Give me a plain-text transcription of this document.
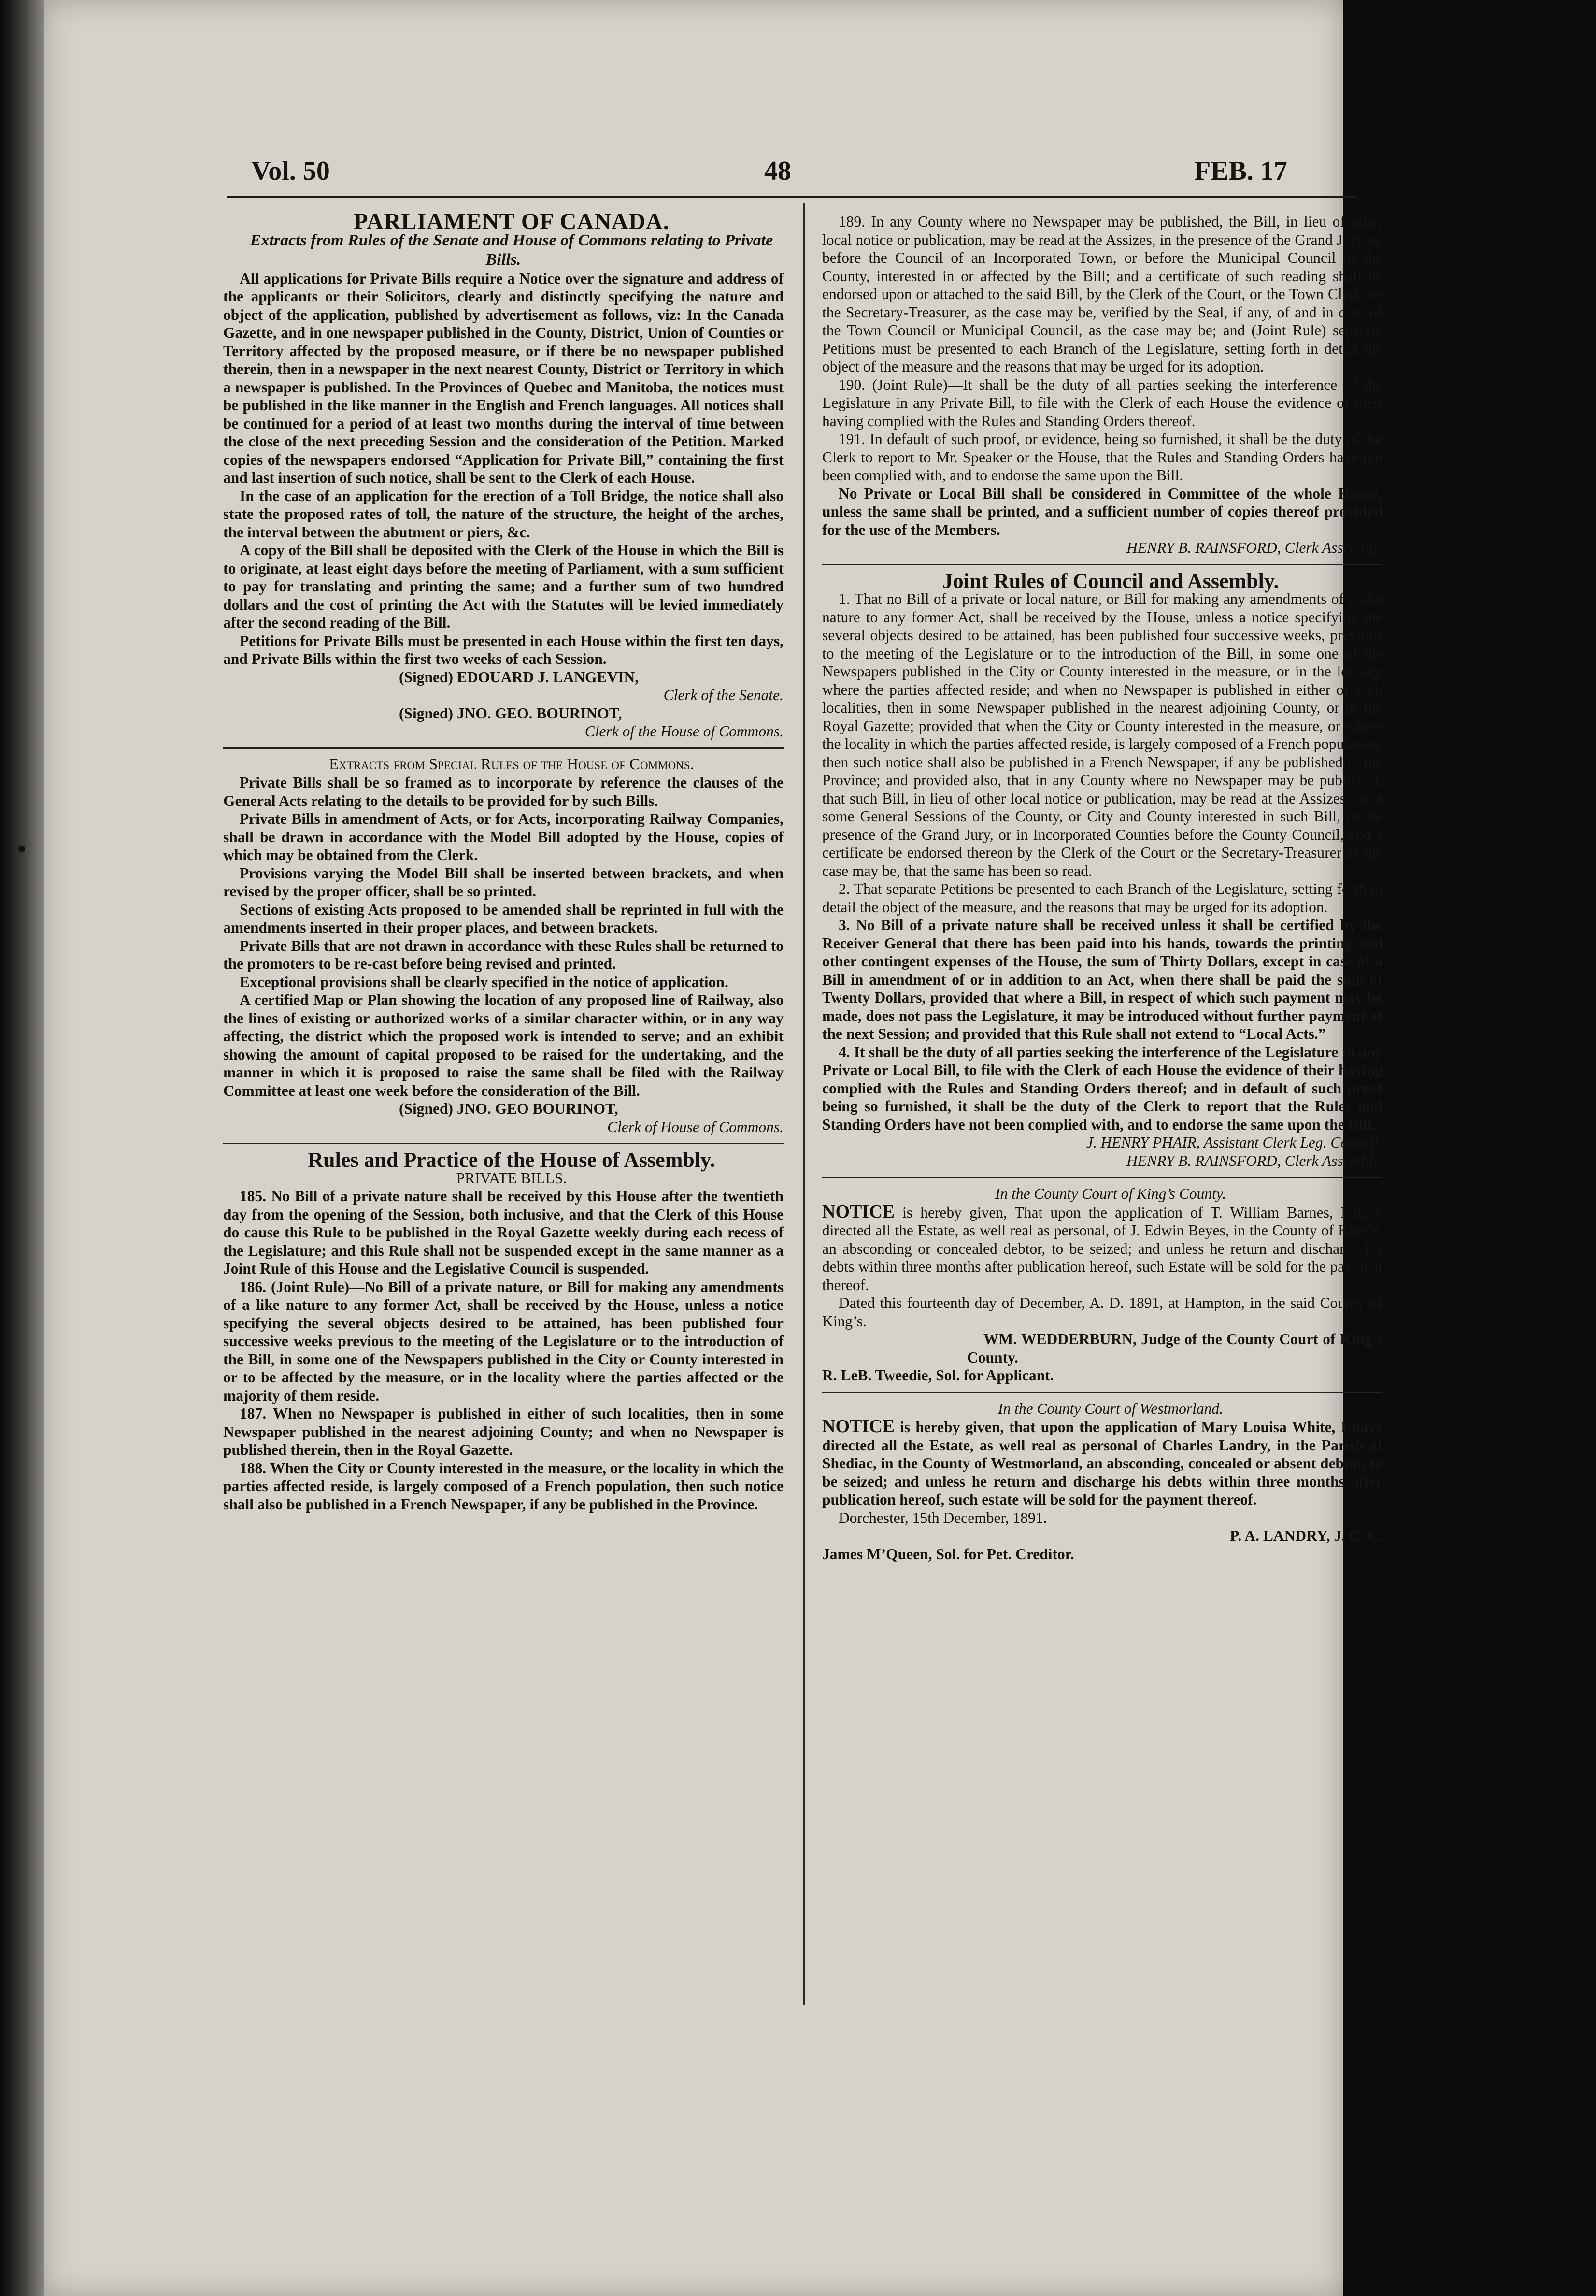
Vol. 50	48	FEB. 17

PARLIAMENT OF CANADA.

Extracts from Rules of the Senate and House of Commons relating to Private Bills.

All applications for Private Bills require a Notice over the signature and address of the applicants or their Solicitors, clearly and distinctly specifying the nature and object of the application, published by advertisement as follows, viz: In the Canada Gazette, and in one newspaper published in the County, District, Union of Counties or Territory affected by the proposed measure, or if there be no newspaper published therein, then in a newspaper in the next nearest County, District or Territory in which a newspaper is published. In the Provinces of Quebec and Manitoba, the notices must be published in the like manner in the English and French languages. All notices shall be continued for a period of at least two months during the interval of time between the close of the next preceding Session and the consideration of the Petition. Marked copies of the newspapers endorsed “Application for Private Bill,” containing the first and last insertion of such notice, shall be sent to the Clerk of each House.

In the case of an application for the erection of a Toll Bridge, the notice shall also state the proposed rates of toll, the nature of the structure, the height of the arches, the interval between the abutment or piers, &c.

A copy of the Bill shall be deposited with the Clerk of the House in which the Bill is to originate, at least eight days before the meeting of Parliament, with a sum sufficient to pay for translating and printing the same; and a further sum of two hundred dollars and the cost of printing the Act with the Statutes will be levied immediately after the second reading of the Bill.

Petitions for Private Bills must be presented in each House within the first ten days, and Private Bills within the first two weeks of each Session.

(Signed) EDOUARD J. LANGEVIN,

Clerk of the Senate.

(Signed) JNO. GEO. BOURINOT,

Clerk of the House of Commons.

Extracts from Special Rules of the House of Commons.

Private Bills shall be so framed as to incorporate by reference the clauses of the General Acts relating to the details to be provided for by such Bills.

Private Bills in amendment of Acts, or for Acts, incorporating Railway Companies, shall be drawn in accordance with the Model Bill adopted by the House, copies of which may be obtained from the Clerk.

Provisions varying the Model Bill shall be inserted between brackets, and when revised by the proper officer, shall be so printed.

Sections of existing Acts proposed to be amended shall be reprinted in full with the amendments inserted in their proper places, and between brackets.

Private Bills that are not drawn in accordance with these Rules shall be returned to the promoters to be re-cast before being revised and printed.

Exceptional provisions shall be clearly specified in the notice of application.

A certified Map or Plan showing the location of any proposed line of Railway, also the lines of existing or authorized works of a similar character within, or in any way affecting, the district which the proposed work is intended to serve; and an exhibit showing the amount of capital proposed to be raised for the undertaking, and the manner in which it is proposed to raise the same shall be filed with the Railway Committee at least one week before the consideration of the Bill.

(Signed) JNO. GEO BOURINOT,

Clerk of House of Commons.

Rules and Practice of the House of Assembly.

PRIVATE BILLS.

185. No Bill of a private nature shall be received by this House after the twentieth day from the opening of the Session, both inclusive, and that the Clerk of this House do cause this Rule to be published in the Royal Gazette weekly during each recess of the Legislature; and this Rule shall not be suspended except in the same manner as a Joint Rule of this House and the Legislative Council is suspended.

186. (Joint Rule)—No Bill of a private nature, or Bill for making any amendments of a like nature to any former Act, shall be received by the House, unless a notice specifying the several objects desired to be attained, has been published four successive weeks previous to the meeting of the Legislature or to the introduction of the Bill, in some one of the Newspapers published in the City or County interested in or to be affected by the measure, or in the locality where the parties affected or the majority of them reside.

187. When no Newspaper is published in either of such localities, then in some Newspaper published in the nearest adjoining County; and when no Newspaper is published therein, then in the Royal Gazette.

188. When the City or County interested in the measure, or the locality in which the parties affected reside, is largely composed of a French population, then such notice shall also be published in a French Newspaper, if any be published in the Province.

189. In any County where no Newspaper may be published, the Bill, in lieu of other local notice or publication, may be read at the Assizes, in the presence of the Grand Jury, or before the Council of an Incorporated Town, or before the Municipal Council of the County, interested in or affected by the Bill; and a certificate of such reading shall be endorsed upon or attached to the said Bill, by the Clerk of the Court, or the Town Clerk, or the Secretary-Treasurer, as the case may be, verified by the Seal, if any, of and in case of the Town Council or Municipal Council, as the case may be; and (Joint Rule) separate Petitions must be presented to each Branch of the Legislature, setting forth in detail the object of the measure and the reasons that may be urged for its adoption.

190. (Joint Rule)—It shall be the duty of all parties seeking the interference of the Legislature in any Private Bill, to file with the Clerk of each House the evidence of their having complied with the Rules and Standing Orders thereof.

191. In default of such proof, or evidence, being so furnished, it shall be the duty of the Clerk to report to Mr. Speaker or the House, that the Rules and Standing Orders have not been complied with, and to endorse the same upon the Bill.

No Private or Local Bill shall be considered in Committee of the whole House, unless the same shall be printed, and a sufficient number of copies thereof provided for the use of the Members.

HENRY B. RAINSFORD, Clerk Assembly.

Joint Rules of Council and Assembly.

1. That no Bill of a private or local nature, or Bill for making any amendments of a like nature to any former Act, shall be received by the House, unless a notice specifying the several objects desired to be attained, has been published four successive weeks, previous to the meeting of the Legislature or to the introduction of the Bill, in some one of the Newspapers published in the City or County interested in the measure, or in the locality where the parties affected reside; and when no Newspaper is published in either of such localities, then in some Newspaper published in the nearest adjoining County, or in the Royal Gazette; provided that when the City or County interested in the measure, or where the locality in which the parties affected reside, is largely composed of a French population, then such notice shall also be published in a French Newspaper, if any be published in the Province; and provided also, that in any County where no Newspaper may be published, that such Bill, in lieu of other local notice or publication, may be read at the Assizes, or at some General Sessions of the County, or City and County interested in such Bill, in the presence of the Grand Jury, or in Incorporated Counties before the County Council, and a certificate be endorsed thereon by the Clerk of the Court or the Secretary-Treasurer as the case may be, that the same has been so read.

2. That separate Petitions be presented to each Branch of the Legislature, setting forth in detail the object of the measure, and the reasons that may be urged for its adoption.

3. No Bill of a private nature shall be received unless it shall be certified by the Receiver General that there has been paid into his hands, towards the printing and other contingent expenses of the House, the sum of Thirty Dollars, except in case of a Bill in amendment of or in addition to an Act, when there shall be paid the sum of Twenty Dollars, provided that where a Bill, in respect of which such payment may be made, does not pass the Legislature, it may be introduced without further payment at the next Session; and provided that this Rule shall not extend to “Local Acts.”

4. It shall be the duty of all parties seeking the interference of the Legislature in any Private or Local Bill, to file with the Clerk of each House the evidence of their having complied with the Rules and Standing Orders thereof; and in default of such proof being so furnished, it shall be the duty of the Clerk to report that the Rules and Standing Orders have not been complied with, and to endorse the same upon the Bill.

J. HENRY PHAIR, Assistant Clerk Leg. Council.

HENRY B. RAINSFORD, Clerk Assembly.

In the County Court of King’s County.

NOTICE is hereby given, That upon the application of T. William Barnes, I have directed all the Estate, as well real as personal, of J. Edwin Beyes, in the County of King’s, an absconding or concealed debtor, to be seized; and unless he return and discharge his debts within three months after publication hereof, such Estate will be sold for the payment thereof.

Dated this fourteenth day of December, A. D. 1891, at Hampton, in the said County of King’s.

WM. WEDDERBURN, Judge of the County Court of King’s County.

R. LeB. Tweedie, Sol. for Applicant.

In the County Court of Westmorland.

NOTICE is hereby given, that upon the application of Mary Louisa White, I have directed all the Estate, as well real as personal of Charles Landry, in the Parish of Shediac, in the County of Westmorland, an absconding, concealed or absent debtor, to be seized; and unless he return and discharge his debts within three months after publication hereof, such estate will be sold for the payment thereof.

Dorchester, 15th December, 1891.

P. A. LANDRY, J. C. C.

James M’Queen, Sol. for Pet. Creditor.
